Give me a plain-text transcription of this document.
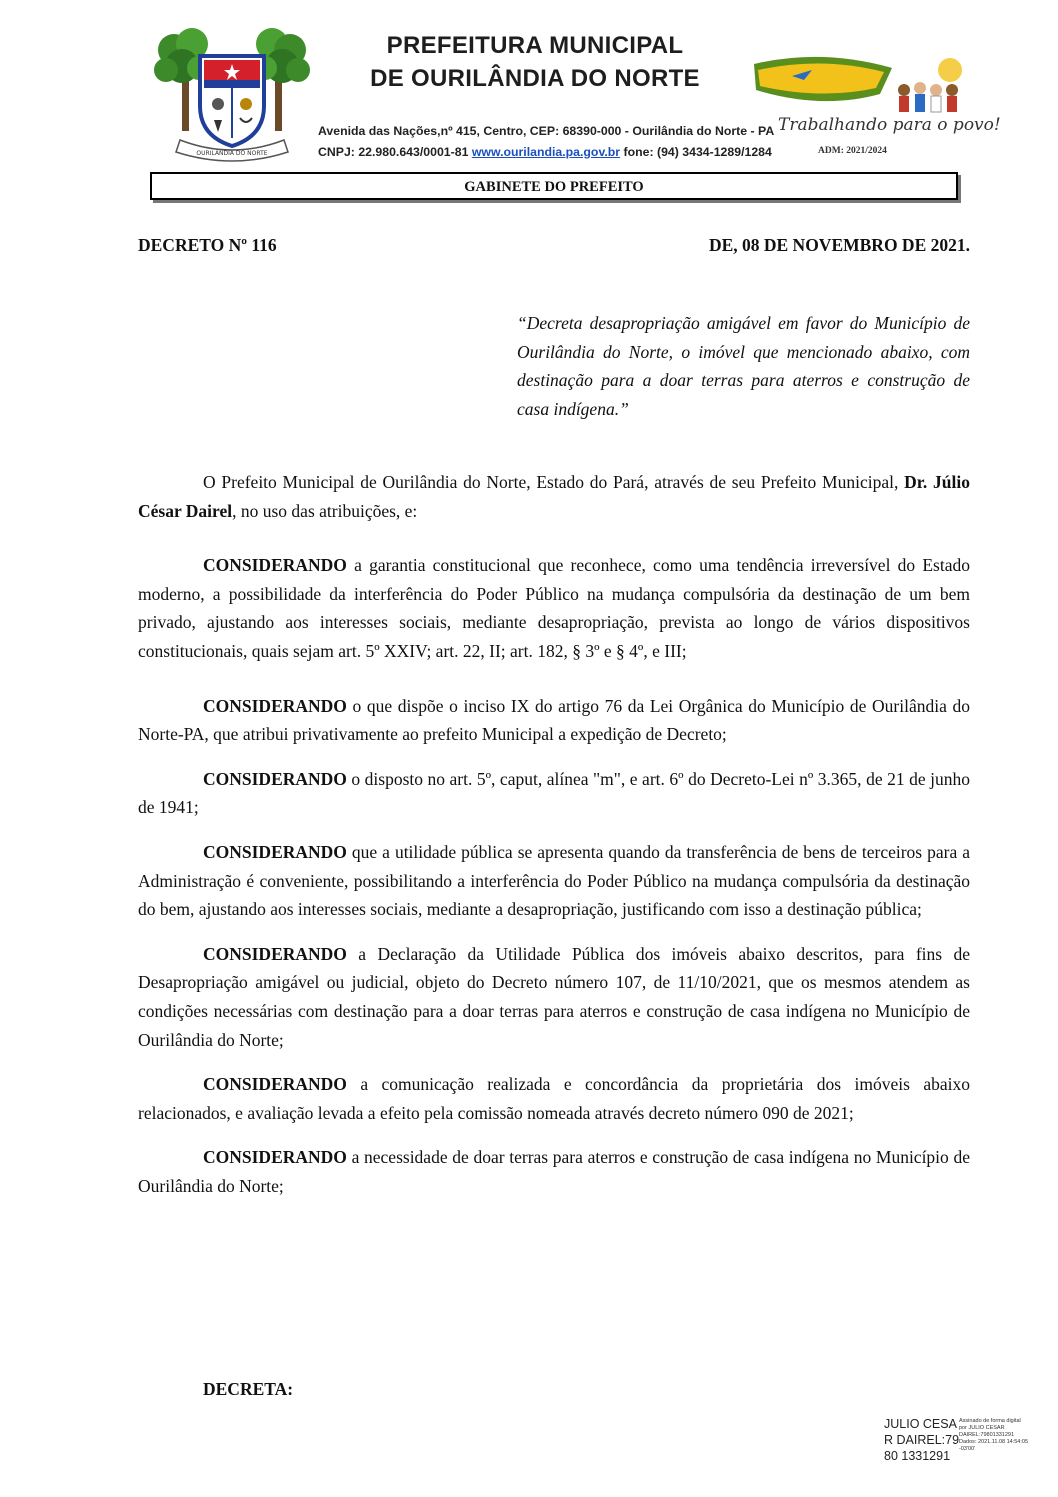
OURILÂNDIA DO NORTE
PREFEITURA MUNICIPAL
DE OURILÂNDIA DO NORTE
Avenida das Nações,nº 415, Centro, CEP: 68390-000 - Ourilândia do Norte - PA
CNPJ: 22.980.643/0001-81 www.ourilandia.pa.gov.br fone: (94) 3434-1289/1284
Trabalhando para o povo!
ADM: 2021/2024
GABINETE DO PREFEITO
DECRETO Nº 116	DE, 08 DE NOVEMBRO DE 2021.
“Decreta desapropriação amigável em favor do Município de Ourilândia do Norte, o imóvel que mencionado abaixo, com destinação para a doar terras para aterros e construção de casa indígena.”

O Prefeito Municipal de Ourilândia do Norte, Estado do Pará, através de seu Prefeito Municipal, Dr. Júlio César Dairel, no uso das atribuições, e:

CONSIDERANDO a garantia constitucional que reconhece, como uma tendência irreversível do Estado moderno, a possibilidade da interferência do Poder Público na mudança compulsória da destinação de um bem privado, ajustando aos interesses sociais, mediante desapropriação, prevista ao longo de vários dispositivos constitucionais, quais sejam art. 5º XXIV; art. 22, II; art. 182, § 3º e § 4º, e III;

CONSIDERANDO o que dispõe o inciso IX do artigo 76 da Lei Orgânica do Município de Ourilândia do Norte-PA, que atribui privativamente ao prefeito Municipal a expedição de Decreto;

CONSIDERANDO o disposto no art. 5º, caput, alínea "m", e art. 6º do Decreto-Lei nº 3.365, de 21 de junho de 1941;

CONSIDERANDO que a utilidade pública se apresenta quando da transferência de bens de terceiros para a Administração é conveniente, possibilitando a interferência do Poder Público na mudança compulsória da destinação do bem, ajustando aos interesses sociais, mediante a desapropriação, justificando com isso a destinação pública;

CONSIDERANDO a Declaração da Utilidade Pública dos imóveis abaixo descritos, para fins de Desapropriação amigável ou judicial, objeto do Decreto número 107, de 11/10/2021, que os mesmos atendem as condições necessárias com destinação para a doar terras para aterros e construção de casa indígena no Município de Ourilândia do Norte;

CONSIDERANDO a comunicação realizada e concordância da proprietária dos imóveis abaixo relacionados, e avaliação levada a efeito pela comissão nomeada através decreto número 090 de 2021;

CONSIDERANDO a necessidade de doar terras para aterros e construção de casa indígena no Município de Ourilândia do Norte;

DECRETA:
JULIO CESAR DAIREL:7980 1331291
Assinado de forma digital por JULIO CESAR DAIREL:79801331291 Dados: 2021.11.08 14:54:05 -03'00'
